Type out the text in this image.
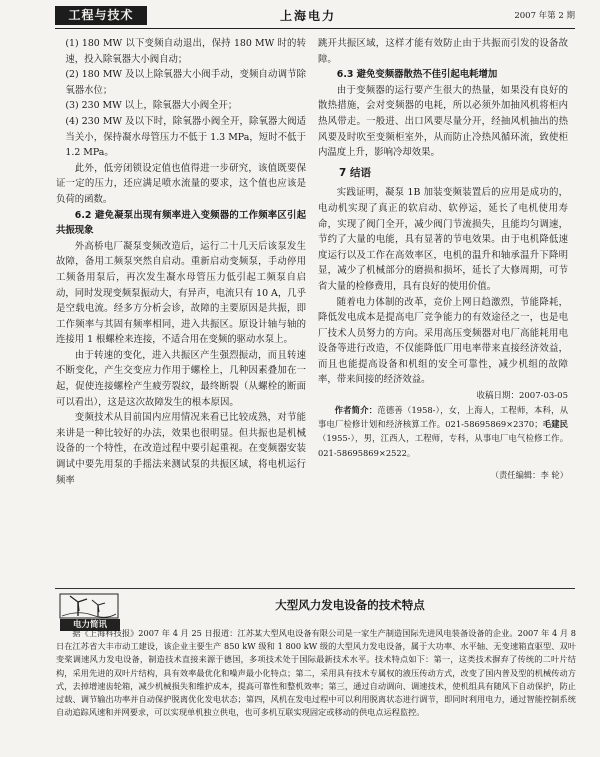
工程与技术	上海电力	2007 年第 2 期

(1) 180 MW 以下变频自动退出，保持 180 MW 时的转速，投入除氧器大小阀自动；

(2) 180 MW 及以上除氧器大小阀手动，变频自动调节除氧器水位；

(3) 230 MW 以上，除氧器大小阀全开；

(4) 230 MW 及以下时，除氧器小阀全开，除氧器大阀适当关小，保持凝水母管压力不低于 1.3 MPa，短时不低于 1.2 MPa。

此外，低旁闭锁设定值也值得进一步研究，该值既要保证一定的压力，还应满足喷水流量的要求，这个值也应该是负荷的函数。

6.2 避免凝泵出现有频率进入变频器的工作频率区引起共振现象

外高桥电厂凝泵变频改造后，运行二十几天后该泵发生故障，备用工频泵突然自启动。重新启动变频泵，手动停用工频备用泵后，再次发生凝水母管压力低引起工频泵自启动，同时发现变频泵振动大，有异声，电流只有 10 A，几乎是空载电流。经多方分析会诊，故障的主要原因是共振，即工作频率与其固有频率相同，进入共振区。原设计轴与轴的连接用 1 根螺栓来连接，不适合用在变频的驱动水泵上。

由于转速的变化，进入共振区产生强烈振动，而且转速不断变化，产生交变应力作用于螺栓上，几种因素叠加在一起，促使连接螺栓产生疲劳裂纹，最终断裂（从螺栓的断面可以看出），这是这次故障发生的根本原因。

变频技术从目前国内应用情况来看已比较成熟，对节能来讲是一种比较好的办法，效果也很明显。但共振也是机械设备的一个特性，在改造过程中要引起重视。在变频器安装调试中要先用泵的手摇法来测试泵的共振区域，将电机运行频率

跳开共振区域，这样才能有效防止由于共振而引发的设备故障。

6.3 避免变频器散热不佳引起电耗增加

由于变频器的运行要产生很大的热量，如果没有良好的散热措施，会对变频器的电耗，所以必须外加抽风机将柜内热风带走。一般进、出口风要尽量分开，经抽风机抽出的热风要及时吹至变频柜室外，从而防止冷热风循环流，致使柜内温度上升，影响冷却效果。

7 结语

实践证明，凝泵 1B 加装变频装置后的应用是成功的，电动机实现了真正的软启动、软停运，延长了电机使用寿命，实现了阀门全开，减少阀门节流损失，且能均匀调速，节约了大量的电能，具有显著的节电效果。由于电机降低速度运行以及工作在高效率区，电机的温升和轴承温升下降明显，减少了机械部分的磨损和损坏，延长了大修周期，可节省大量的检修费用，具有良好的使用价值。

随着电力体制的改革，竞价上网日趋激烈，节能降耗，降低发电成本是提高电厂竞争能力的有效途径之一，也是电厂技术人员努力的方向。采用高压变频器对电厂高能耗用电设备等进行改造，不仅能降低厂用电率带来直接经济效益，而且也能提高设备和机组的安全可靠性，减少机组的故障率，带来间接的经济效益。

收稿日期：2007-03-05

作者简介：范德善（1958-），女，上海人，工程师，本科，从事电厂检修计划和经济核算工作。021-58695869×2370；毛建民（1955-），男，江西人，工程师，专科，从事电厂电气检修工作。021-58695869×2522。

（责任编辑：李 轮）

电力简讯
大型风力发电设备的技术特点

据《上海科技报》2007 年 4 月 25 日报道：江苏某大型风电设备有限公司是一家生产制造国际先进风电装备设备的企业。2007 年 4 月 8 日在江苏省大丰市动工建设，该企业主要生产 850 kW 级和 1 800 kW 级的大型风力发电设备，属于大功率、水平轴、无变速箱直驱型、双叶变桨调速风力发电设备，制造技术直接来源于德国，多项技术处于国际最新技术水平。技术特点如下：第一，这类技术摒弃了传统的二叶片结构，采用先进的双叶片结构，具有效率最优化和噪声最小化特点；第二，采用具有技术专属权的液压传动方式，改变了国内普及型的机械传动方式，去掉增速齿轮箱，减少机械损失和维护成本，提高可靠性和整机效率；第三，通过自动调向、调速技术，使机组具有随风下自动保护，防止过载、调节输出功率并自动保护脱离优化发电状态；第四，风机在发电过程中可以利用脱离状态进行调节，即同时利用电力，通过智能控制系统自动追踪风速和并网要求，可以实现单机独立供电，也可多机互联实现固定或移动的供电点运程监控。
